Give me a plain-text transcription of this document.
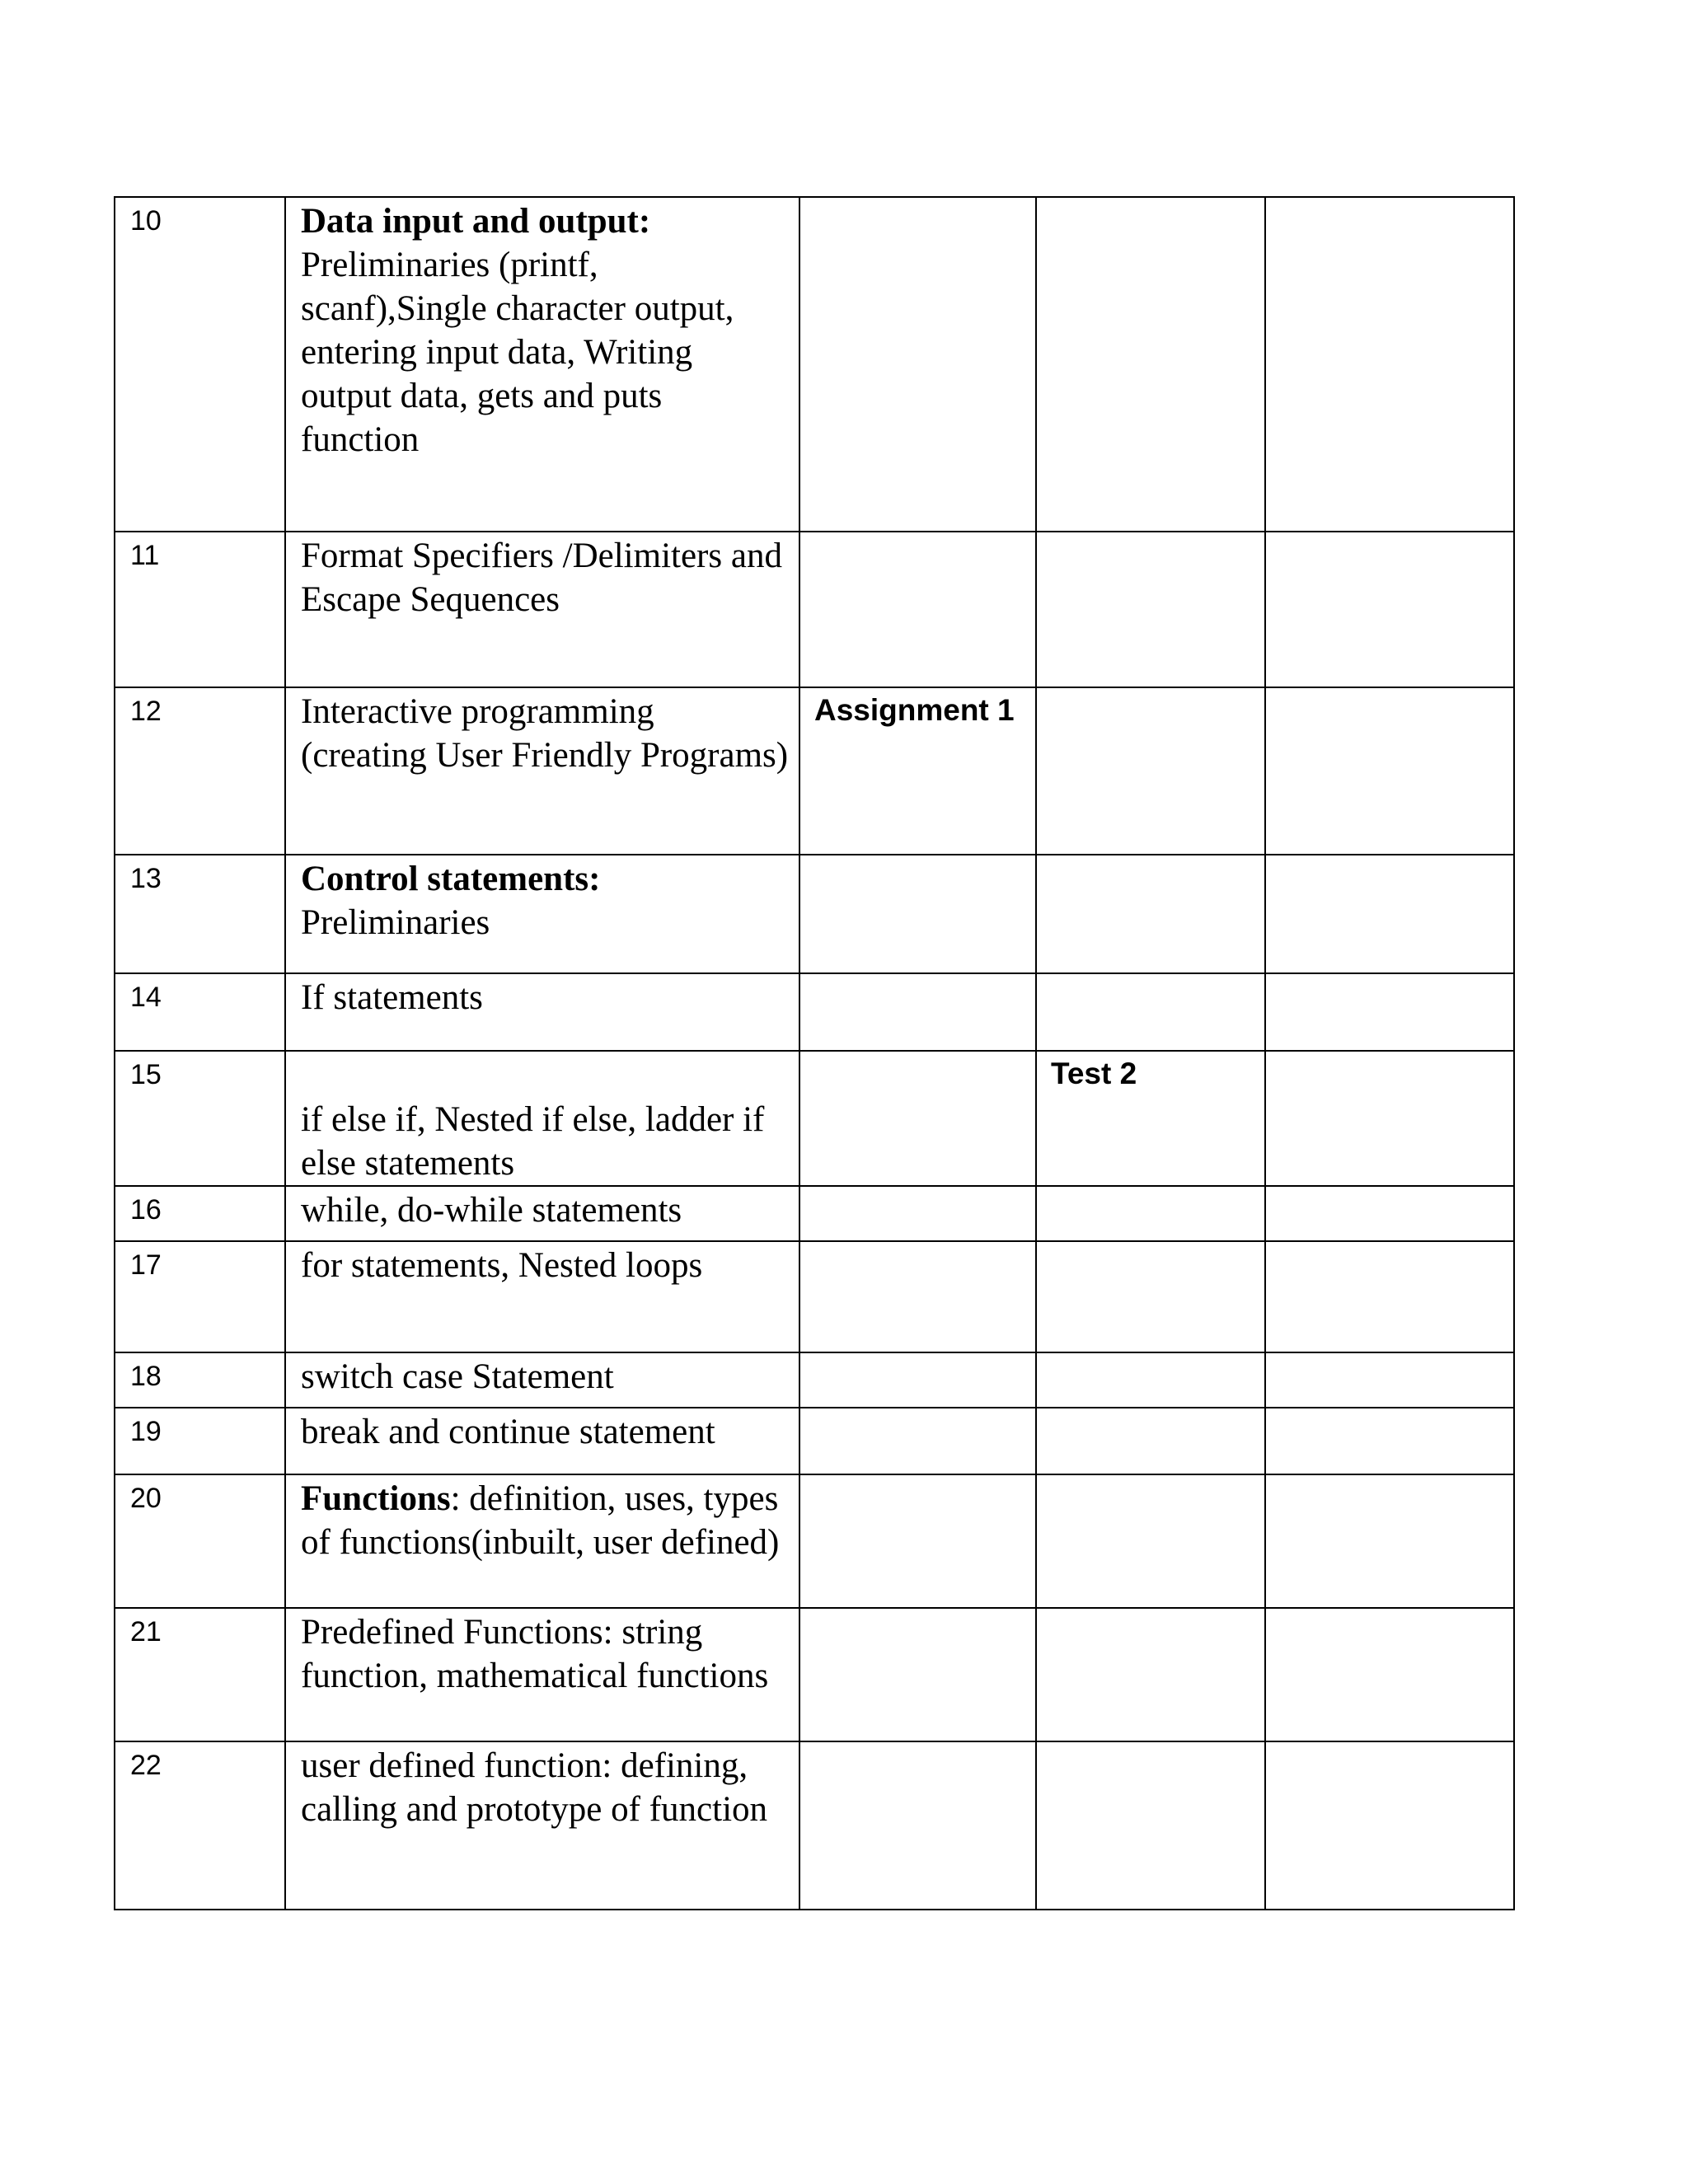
10	Data input and output: Preliminaries (printf, scanf),Single character output, entering input data, Writing output data, gets and puts function			

11	Format Specifiers /Delimiters and Escape Sequences			

12	Interactive programming (creating User Friendly Programs)	Assignment 1		

13	Control statements: Preliminaries			

14	If statements			

15	if else if, Nested if else, ladder if else statements		Test 2	

16	while, do-while statements			

17	for statements, Nested loops			

18	switch case Statement			

19	break and continue statement			

20	Functions: definition, uses, types of functions(inbuilt, user defined)			

21	Predefined Functions: string function, mathematical functions			

22	user defined function: defining, calling and prototype of function			
